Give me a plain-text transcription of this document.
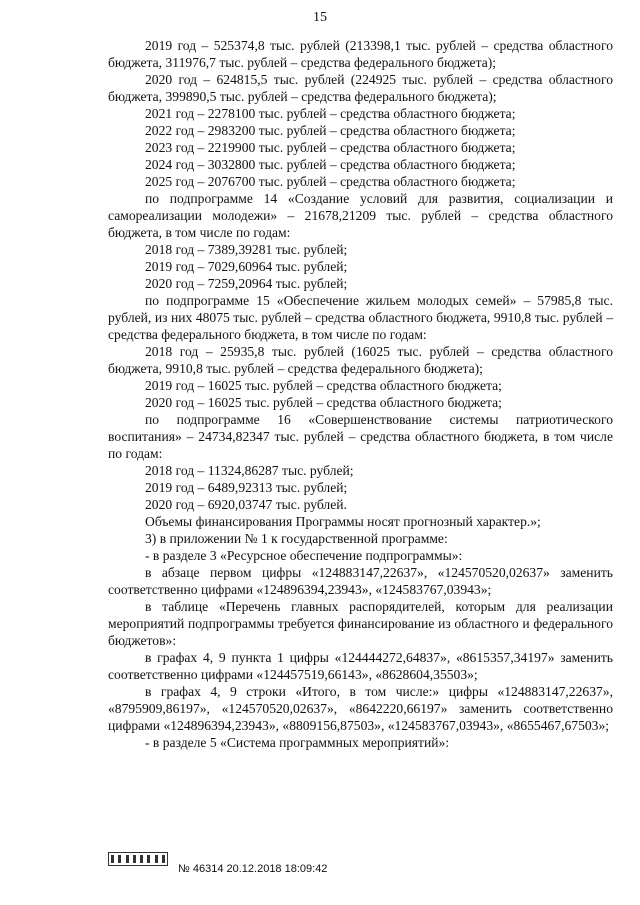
15

2019 год – 525374,8 тыс. рублей (213398,1 тыс. рублей – средства областного бюджета, 311976,7 тыс. рублей – средства федерального бюджета);

2020 год – 624815,5 тыс. рублей (224925 тыс. рублей – средства областного бюджета, 399890,5 тыс. рублей – средства федерального бюджета);

2021 год – 2278100 тыс. рублей – средства областного бюджета;

2022 год – 2983200 тыс. рублей – средства областного бюджета;

2023 год – 2219900 тыс. рублей – средства областного бюджета;

2024 год – 3032800 тыс. рублей – средства областного бюджета;

2025 год – 2076700 тыс. рублей – средства областного бюджета;

по подпрограмме 14 «Создание условий для развития, социализации и самореализации молодежи» – 21678,21209 тыс. рублей – средства областного бюджета, в том числе по годам:

2018 год – 7389,39281 тыс. рублей;

2019 год – 7029,60964 тыс. рублей;

2020 год – 7259,20964 тыс. рублей;

по подпрограмме 15 «Обеспечение жильем молодых семей» – 57985,8 тыс. рублей, из них 48075 тыс. рублей – средства областного бюджета, 9910,8 тыс. рублей – средства федерального бюджета, в том числе по годам:

2018 год – 25935,8 тыс. рублей (16025 тыс. рублей – средства областного бюджета, 9910,8 тыс. рублей – средства федерального бюджета);

2019 год – 16025 тыс. рублей – средства областного бюджета;

2020 год – 16025 тыс. рублей – средства областного бюджета;

по подпрограмме 16 «Совершенствование системы патриотического воспитания» – 24734,82347 тыс. рублей – средства областного бюджета, в том числе по годам:

2018 год – 11324,86287 тыс. рублей;

2019 год – 6489,92313 тыс. рублей;

2020 год – 6920,03747 тыс. рублей.

Объемы финансирования Программы носят прогнозный характер.»;

3) в приложении № 1 к государственной программе:

- в разделе 3 «Ресурсное обеспечение подпрограммы»:

в абзаце первом цифры «124883147,22637», «124570520,02637» заменить соответственно цифрами «124896394,23943», «124583767,03943»;

в таблице «Перечень главных распорядителей, которым для реализации мероприятий подпрограммы требуется финансирование из областного и федерального бюджетов»:

в графах 4, 9 пункта 1 цифры «124444272,64837», «8615357,34197» заменить соответственно цифрами «124457519,66143», «8628604,35503»;

в графах 4, 9 строки «Итого, в том числе:» цифры «124883147,22637», «8795909,86197», «124570520,02637», «8642220,66197» заменить соответственно цифрами «124896394,23943», «8809156,87503», «124583767,03943», «8655467,67503»;

- в разделе 5 «Система программных мероприятий»:

№ 46314 20.12.2018 18:09:42
